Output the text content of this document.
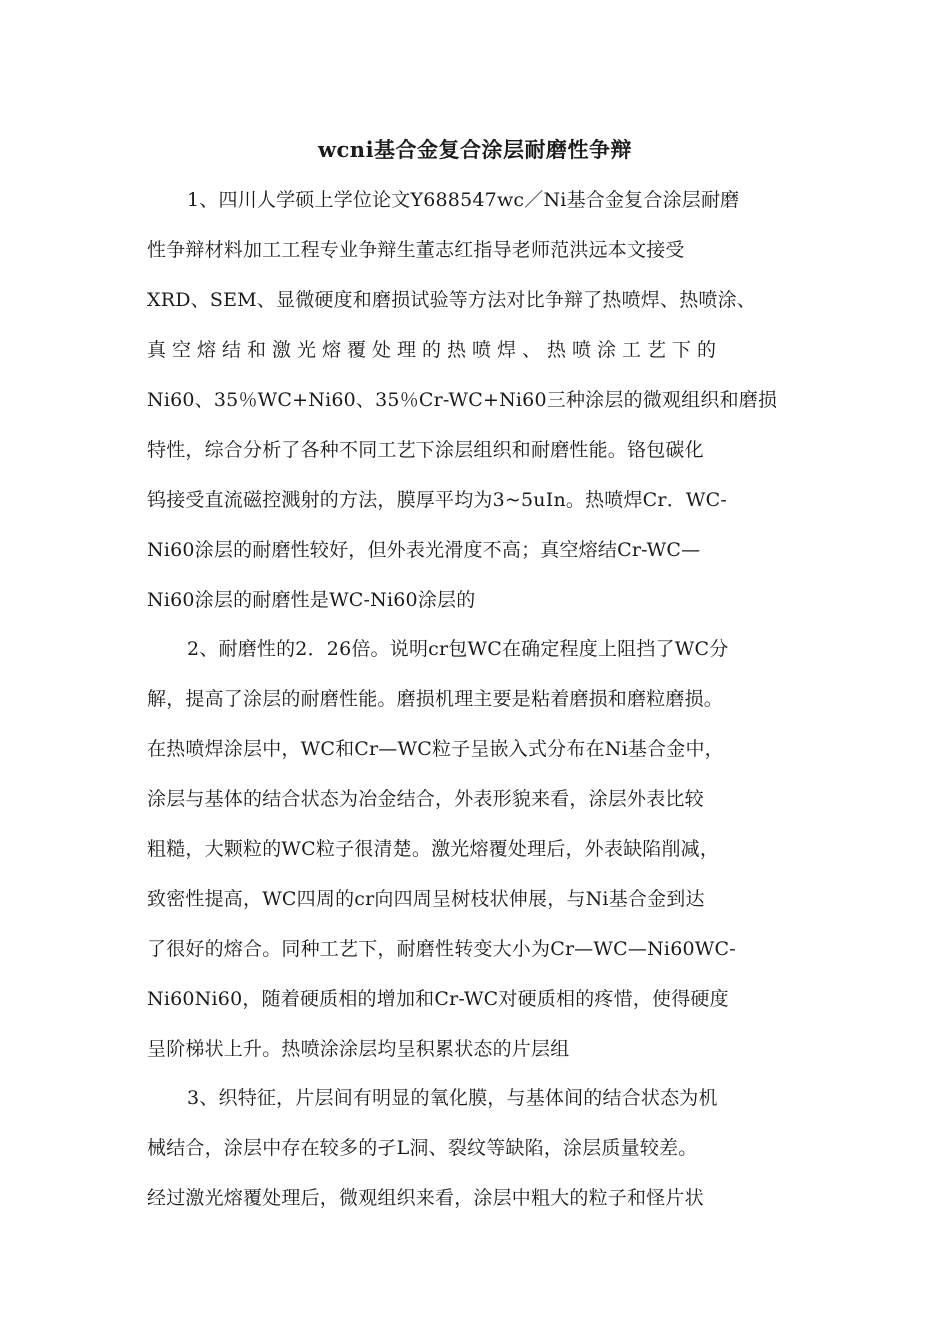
wcni基合金复合涂层耐磨性争辩
1、四川人学硕上学位论文Y688547wc／Ni基合金复合涂层耐磨
性争辩材料加工工程专业争辩生董志红指导老师范洪远本文接受
XRD、SEM、显微硬度和磨损试验等方法对比争辩了热喷焊、热喷涂、
真空熔结和激光熔覆处理的热喷焊、热喷涂工艺下的
Ni60、35％WC+Ni60、35％Cr-WC+Ni60三种涂层的微观组织和磨损
特性，综合分析了各种不同工艺下涂层组织和耐磨性能。铬包碳化
钨接受直流磁控溅射的方法，膜厚平均为3~5uIn。热喷焊Cr．WC-
Ni60涂层的耐磨性较好，但外表光滑度不高；真空熔结Cr-WC—
Ni60涂层的耐磨性是WC-Ni60涂层的
2、耐磨性的2．26倍。说明cr包WC在确定程度上阻挡了WC分
解，提高了涂层的耐磨性能。磨损机理主要是粘着磨损和磨粒磨损。
在热喷焊涂层中，WC和Cr—WC粒子呈嵌入式分布在Ni基合金中，
涂层与基体的结合状态为冶金结合，外表形貌来看，涂层外表比较
粗糙，大颗粒的WC粒子很清楚。激光熔覆处理后，外表缺陷削减，
致密性提高，WC四周的cr向四周呈树枝状伸展，与Ni基合金到达
了很好的熔合。同种工艺下，耐磨性转变大小为Cr—WC—Ni60WC-
Ni60Ni60，随着硬质相的增加和Cr-WC对硬质相的疼惜，使得硬度
呈阶梯状上升。热喷涂涂层均呈积累状态的片层组
3、织特征，片层间有明显的氧化膜，与基体间的结合状态为机
械结合，涂层中存在较多的孑L洞、裂纹等缺陷，涂层质量较差。
经过激光熔覆处理后，微观组织来看，涂层中粗大的粒子和怪片状
